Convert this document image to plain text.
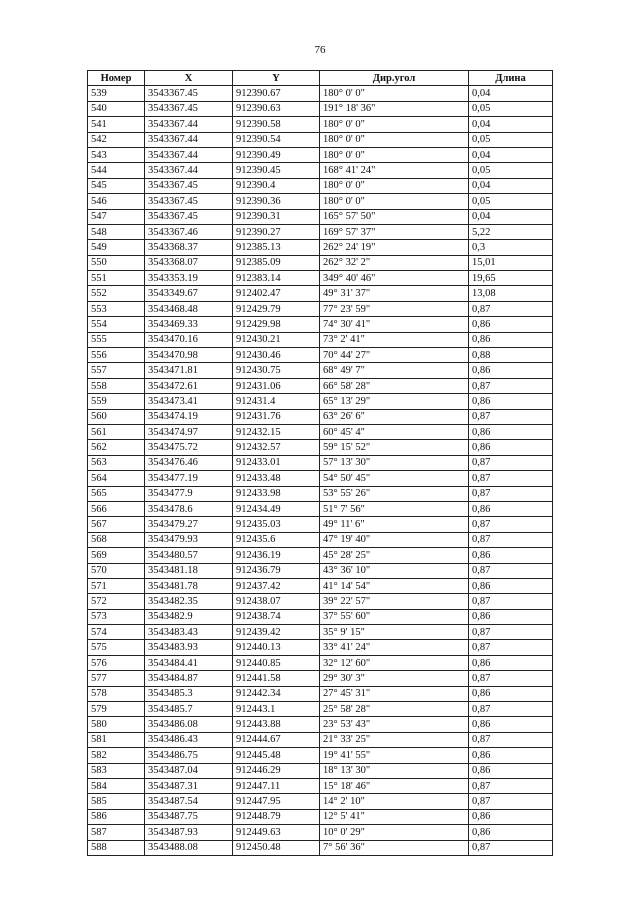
76
Номер	X	Y	Дир.угол	Длина
539	3543367.45	912390.67	180° 0' 0"	0,04
540	3543367.45	912390.63	191° 18' 36"	0,05
541	3543367.44	912390.58	180° 0' 0"	0,04
542	3543367.44	912390.54	180° 0' 0"	0,05
543	3543367.44	912390.49	180° 0' 0"	0,04
544	3543367.44	912390.45	168° 41' 24"	0,05
545	3543367.45	912390.4	180° 0' 0"	0,04
546	3543367.45	912390.36	180° 0' 0"	0,05
547	3543367.45	912390.31	165° 57' 50"	0,04
548	3543367.46	912390.27	169° 57' 37"	5,22
549	3543368.37	912385.13	262° 24' 19"	0,3
550	3543368.07	912385.09	262° 32' 2"	15,01
551	3543353.19	912383.14	349° 40' 46"	19,65
552	3543349.67	912402.47	49° 31' 37"	13,08
553	3543468.48	912429.79	77° 23' 59"	0,87
554	3543469.33	912429.98	74° 30' 41"	0,86
555	3543470.16	912430.21	73° 2' 41"	0,86
556	3543470.98	912430.46	70° 44' 27"	0,88
557	3543471.81	912430.75	68° 49' 7"	0,86
558	3543472.61	912431.06	66° 58' 28"	0,87
559	3543473.41	912431.4	65° 13' 29"	0,86
560	3543474.19	912431.76	63° 26' 6"	0,87
561	3543474.97	912432.15	60° 45' 4"	0,86
562	3543475.72	912432.57	59° 15' 52"	0,86
563	3543476.46	912433.01	57° 13' 30"	0,87
564	3543477.19	912433.48	54° 50' 45"	0,87
565	3543477.9	912433.98	53° 55' 26"	0,87
566	3543478.6	912434.49	51° 7' 56"	0,86
567	3543479.27	912435.03	49° 11' 6"	0,87
568	3543479.93	912435.6	47° 19' 40"	0,87
569	3543480.57	912436.19	45° 28' 25"	0,86
570	3543481.18	912436.79	43° 36' 10"	0,87
571	3543481.78	912437.42	41° 14' 54"	0,86
572	3543482.35	912438.07	39° 22' 57"	0,87
573	3543482.9	912438.74	37° 55' 60"	0,86
574	3543483.43	912439.42	35° 9' 15"	0,87
575	3543483.93	912440.13	33° 41' 24"	0,87
576	3543484.41	912440.85	32° 12' 60"	0,86
577	3543484.87	912441.58	29° 30' 3"	0,87
578	3543485.3	912442.34	27° 45' 31"	0,86
579	3543485.7	912443.1	25° 58' 28"	0,87
580	3543486.08	912443.88	23° 53' 43"	0,86
581	3543486.43	912444.67	21° 33' 25"	0,87
582	3543486.75	912445.48	19° 41' 55"	0,86
583	3543487.04	912446.29	18° 13' 30"	0,86
584	3543487.31	912447.11	15° 18' 46"	0,87
585	3543487.54	912447.95	14° 2' 10"	0,87
586	3543487.75	912448.79	12° 5' 41"	0,86
587	3543487.93	912449.63	10° 0' 29"	0,86
588	3543488.08	912450.48	7° 56' 36"	0,87
